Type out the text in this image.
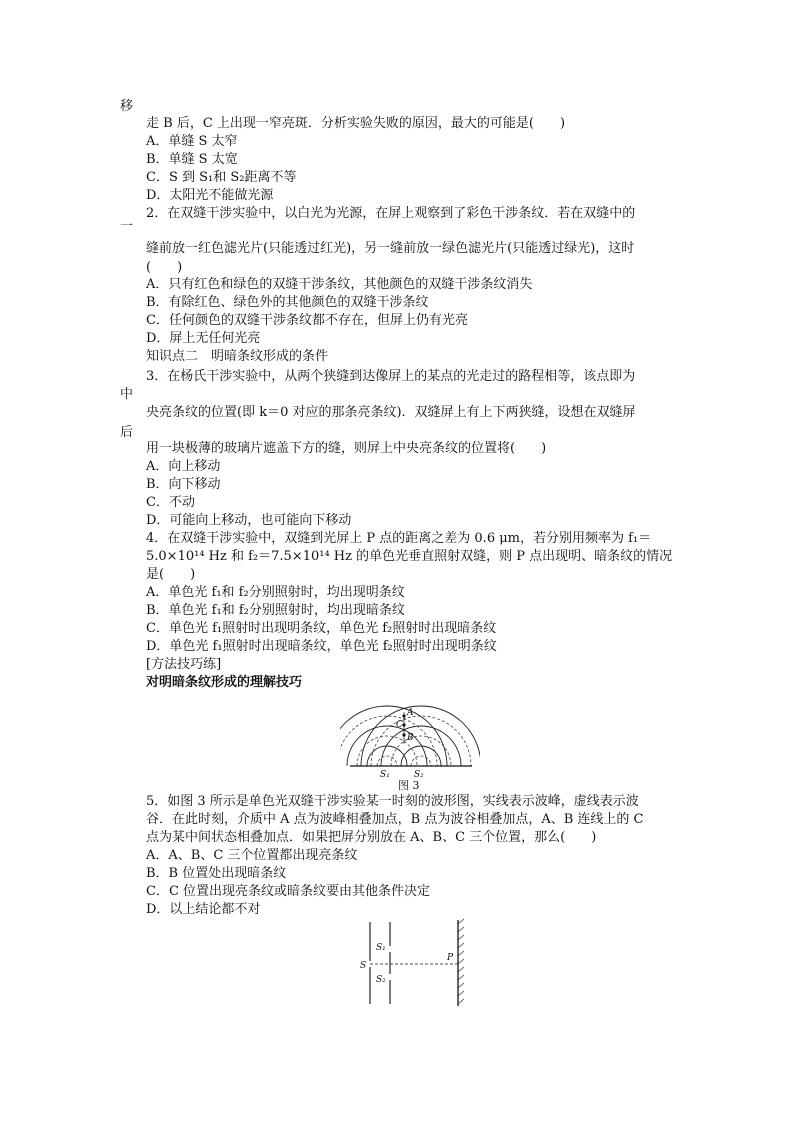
移
一
中
后
走 B 后，C 上出现一窄亮斑．分析实验失败的原因，最大的可能是(　　)
A．单缝 S 太窄
B．单缝 S 太宽
C．S 到 S₁和 S₂距离不等
D．太阳光不能做光源
2．在双缝干涉实验中，以白光为光源，在屏上观察到了彩色干涉条纹．若在双缝中的
缝前放一红色滤光片(只能透过红光)，另一缝前放一绿色滤光片(只能透过绿光)，这时
(　　)
A．只有红色和绿色的双缝干涉条纹，其他颜色的双缝干涉条纹消失
B．有除红色、绿色外的其他颜色的双缝干涉条纹
C．任何颜色的双缝干涉条纹都不存在，但屏上仍有光亮
D．屏上无任何光亮
知识点二　明暗条纹形成的条件
3．在杨氏干涉实验中，从两个狭缝到达像屏上的某点的光走过的路程相等，该点即为
央亮条纹的位置(即 k＝0 对应的那条亮条纹)．双缝屏上有上下两狭缝，设想在双缝屏
用一块极薄的玻璃片遮盖下方的缝，则屏上中央亮条纹的位置将(　　)
A．向上移动
B．向下移动
C．不动
D．可能向上移动，也可能向下移动
4．在双缝干涉实验中，双缝到光屏上 P 点的距离之差为 0.6 μm，若分别用频率为 f₁＝
5.0×10¹⁴ Hz 和 f₂＝7.5×10¹⁴ Hz 的单色光垂直照射双缝，则 P 点出现明、暗条纹的情况
是(　　)
A．单色光 f₁和 f₂分别照射时，均出现明条纹
B．单色光 f₁和 f₂分别照射时，均出现暗条纹
C．单色光 f₁照射时出现明条纹，单色光 f₂照射时出现暗条纹
D．单色光 f₁照射时出现暗条纹，单色光 f₂照射时出现明条纹
[方法技巧练]
对明暗条纹形成的理解技巧
A
C
B
S₁	S₂
图 3
5．如图 3 所示是单色光双缝干涉实验某一时刻的波形图，实线表示波峰，虚线表示波
谷．在此时刻，介质中 A 点为波峰相叠加点，B 点为波谷相叠加点，A、B 连线上的 C
点为某中间状态相叠加点．如果把屏分别放在 A、B、C 三个位置，那么(　　)
A．A、B、C 三个位置都出现亮条纹
B．B 位置处出现暗条纹
C．C 位置出现亮条纹或暗条纹要由其他条件决定
D．以上结论都不对
S
S₁
S₂
P
